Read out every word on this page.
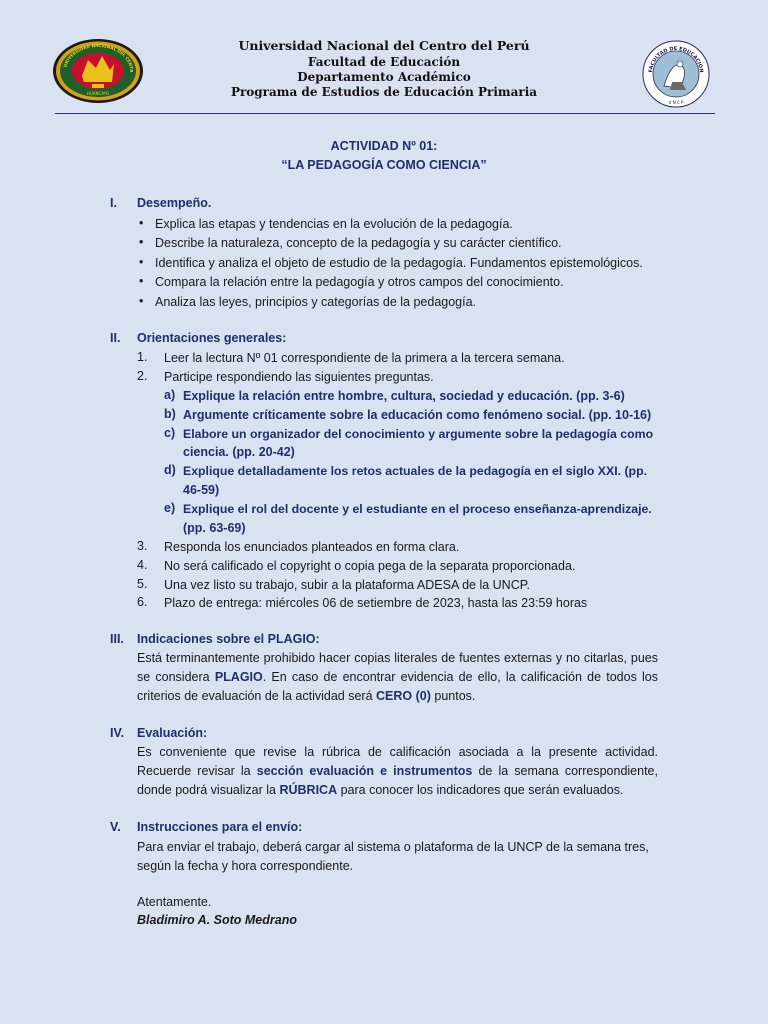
UNIVERSIDAD NACIONAL DEL CENTR
HUANCAYO
FACULTAD DE EDUCACIÓN
U N C P
Universidad Nacional del Centro del Perú
Facultad de Educación
Departamento Académico
Programa de Estudios de Educación Primaria
ACTIVIDAD Nº 01:
“LA PEDAGOGÍA COMO CIENCIA”
I. Desempeño.
• Explica las etapas y tendencias en la evolución de la pedagogía.
• Describe la naturaleza, concepto de la pedagogía y su carácter científico.
• Identifica y analiza el objeto de estudio de la pedagogía. Fundamentos epistemológicos.
• Compara la relación entre la pedagogía y otros campos del conocimiento.
• Analiza las leyes, principios y categorías de la pedagogía.
II. Orientaciones generales:
1. Leer la lectura Nº 01 correspondiente de la primera a la tercera semana.
2. Participe respondiendo las siguientes preguntas.
a) Explique la relación entre hombre, cultura, sociedad y educación. (pp. 3-6)
b) Argumente críticamente sobre la educación como fenómeno social. (pp. 10-16)
c) Elabore un organizador del conocimiento y argumente sobre la pedagogía como
ciencia. (pp. 20-42)
d) Explique detalladamente los retos actuales de la pedagogía en el siglo XXI. (pp.
46-59)
e) Explique el rol del docente y el estudiante en el proceso enseñanza-aprendizaje.
(pp. 63-69)
3. Responda los enunciados planteados en forma clara.
4. No será calificado el copyright o copia pega de la separata proporcionada.
5. Una vez listo su trabajo, subir a la plataforma ADESA de la UNCP.
6. Plazo de entrega: miércoles 06 de setiembre de 2023, hasta las 23:59 horas
III. Indicaciones sobre el PLAGIO:
Está terminantemente prohibido hacer copias literales de fuentes externas y no citarlas, pues se considera PLAGIO. En caso de encontrar evidencia de ello, la calificación de todos los criterios de evaluación de la actividad será CERO (0) puntos.
IV. Evaluación:
Es conveniente que revise la rúbrica de calificación asociada a la presente actividad. Recuerde revisar la sección evaluación e instrumentos de la semana correspondiente, donde podrá visualizar la RÚBRICA para conocer los indicadores que serán evaluados.
V. Instrucciones para el envío:
Para enviar el trabajo, deberá cargar al sistema o plataforma de la UNCP de la semana tres,
según la fecha y hora correspondiente.
Atentamente.
Bladimiro A. Soto Medrano
